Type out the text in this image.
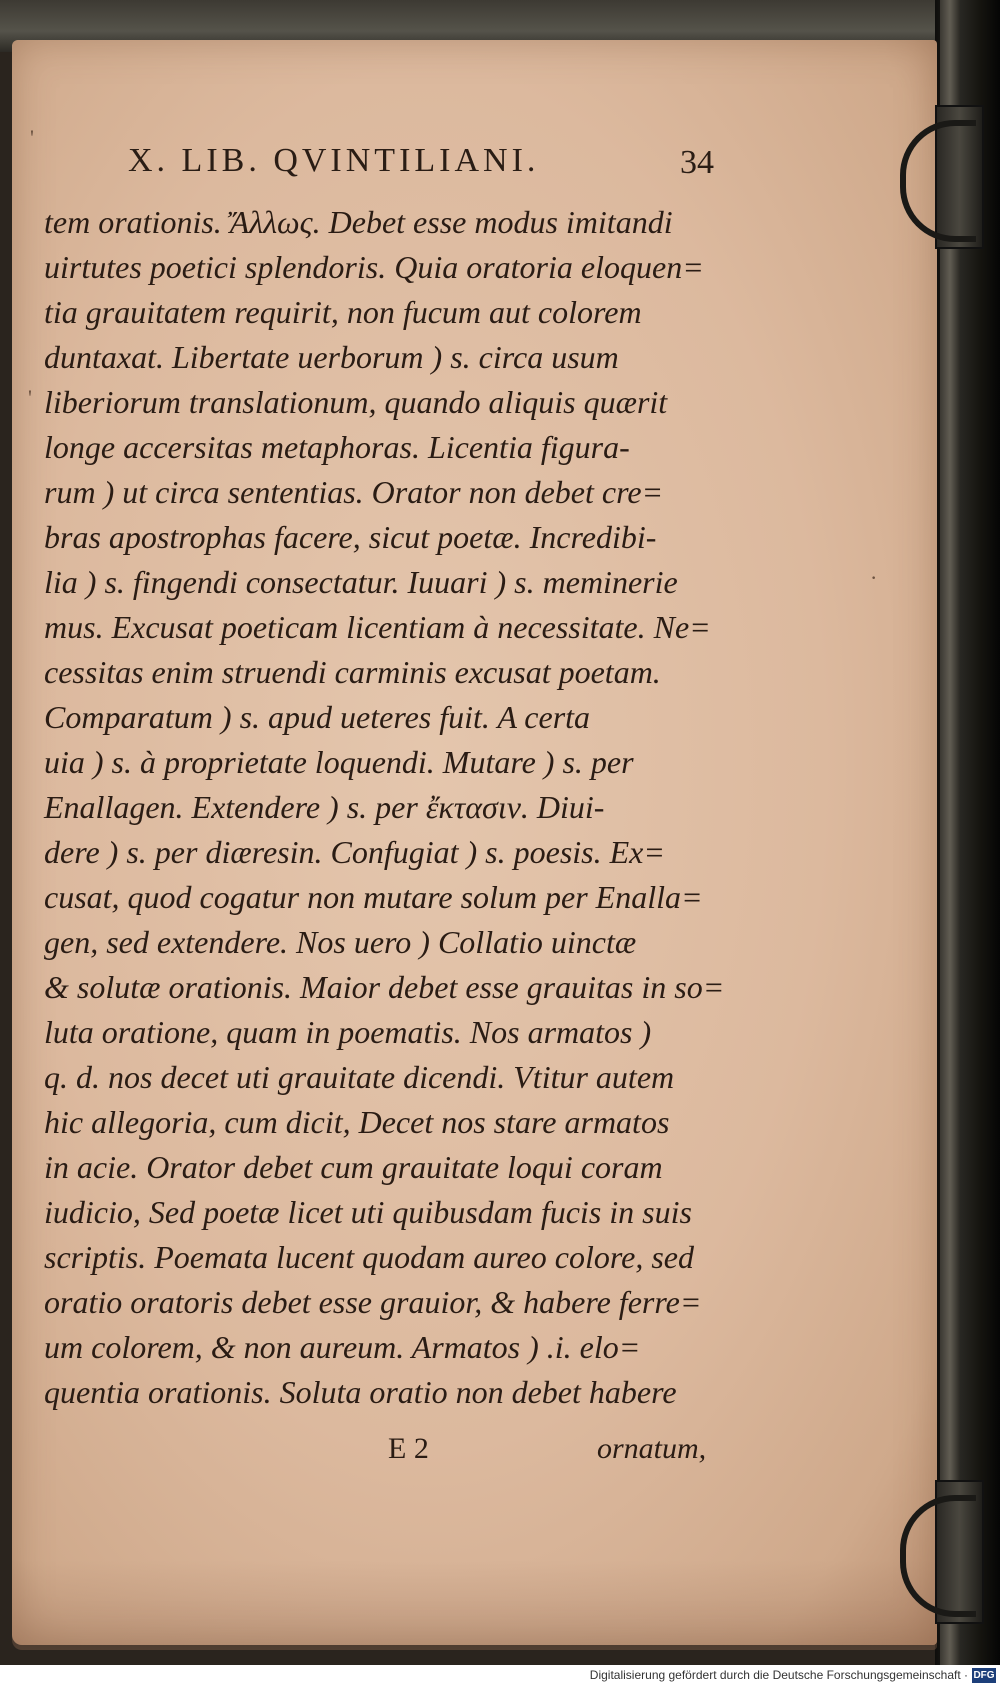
'
'
·
X. LIB. QVINTILIANI.	34
tem orationis. Ἄλλως. Debet esse modus imitandi
uirtutes poetici splendoris. Quia oratoria eloquen=
tia grauitatem requirit, non fucum aut colorem
duntaxat. Libertate uerborum ) s. circa usum
liberiorum translationum, quando aliquis quærit
longe accersitas metaphoras. Licentia figura-
rum ) ut circa sententias. Orator non debet cre=
bras apostrophas facere, sicut poetæ. Incredibi-
lia ) s. fingendi consectatur. Iuuari ) s. meminerie
mus. Excusat poeticam licentiam à necessitate. Ne=
cessitas enim struendi carminis excusat poetam.
Comparatum ) s. apud ueteres fuit. A certa
uia ) s. à proprietate loquendi. Mutare ) s. per
Enallagen. Extendere ) s. per ἔκτασιν. Diui-
dere ) s. per diæresin. Confugiat ) s. poesis. Ex=
cusat, quod cogatur non mutare solum per Enalla=
gen, sed extendere. Nos uero ) Collatio uinctæ
& solutæ orationis. Maior debet esse grauitas in so=
luta oratione, quam in poematis. Nos armatos )
q. d. nos decet uti grauitate dicendi. Vtitur autem
hic allegoria, cum dicit, Decet nos stare armatos
in acie. Orator debet cum grauitate loqui coram
iudicio, Sed poetæ licet uti quibusdam fucis in suis
scriptis. Poemata lucent quodam aureo colore, sed
oratio oratoris debet esse grauior, & habere ferre=
um colorem, & non aureum. Armatos ) .i. elo=
quentia orationis. Soluta oratio non debet habere
E 2	ornatum,
Digitalisierung gefördert durch die Deutsche Forschungsgemeinschaft · DFG
